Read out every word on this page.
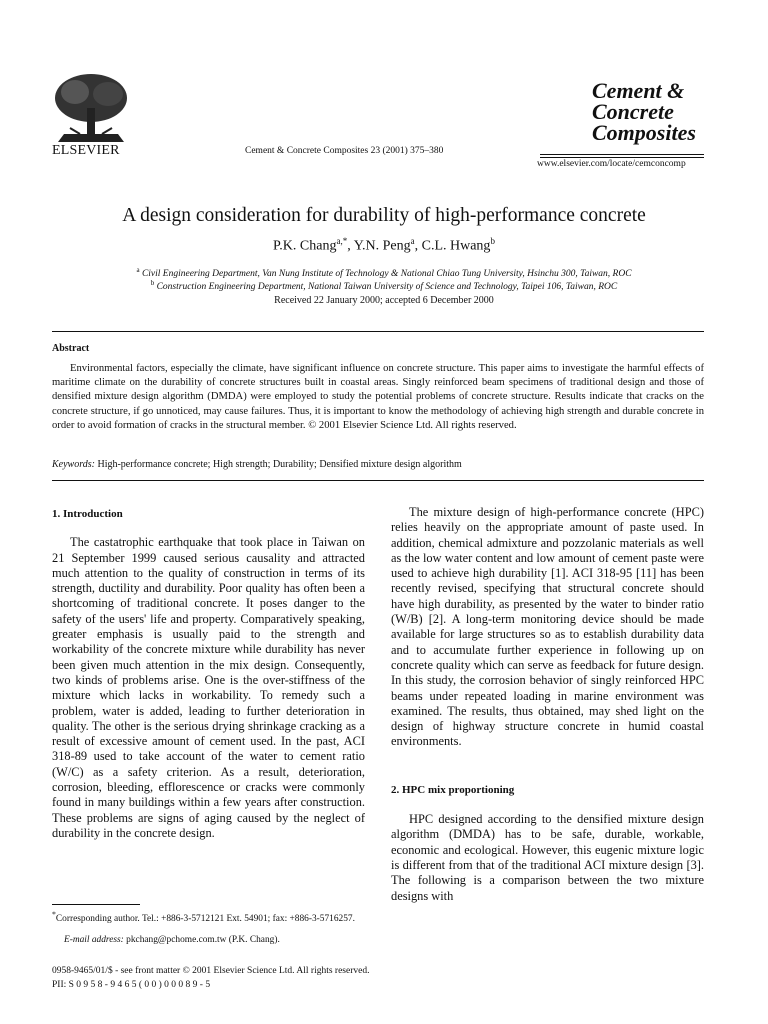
ELSEVIER	Cement & Concrete Composites 23 (2001) 375–380
Cement &
Concrete
Composites
www.elsevier.com/locate/cemconcomp
A design consideration for durability of high-performance concrete
P.K. Chang$^{a,*}$, Y.N. Peng$^a$, C.L. Hwang$^b$
$^a$ Civil Engineering Department, Van Nung Institute of Technology & National Chiao Tung University, Hsinchu 300, Taiwan, ROC
$^b$ Construction Engineering Department, National Taiwan University of Science and Technology, Taipei 106, Taiwan, ROC
Received 22 January 2000; accepted 6 December 2000
Abstract
Environmental factors, especially the climate, have significant influence on concrete structure. This paper aims to investigate the harmful effects of maritime climate on the durability of concrete structures built in coastal areas. Singly reinforced beam specimens of traditional design and those of densified mixture design algorithm (DMDA) were employed to study the potential problems of concrete structure. Results indicate that cracks on the concrete structure, if go unnoticed, may cause failures. Thus, it is important to know the methodology of achieving high strength and durable concrete in order to avoid formation of cracks in the structural member. © 2001 Elsevier Science Ltd. All rights reserved.
Keywords: High-performance concrete; High strength; Durability; Densified mixture design algorithm
1. Introduction

The castatrophic earthquake that took place in Taiwan on 21 September 1999 caused serious causality and attracted much attention to the quality of construction in terms of its strength, ductility and durability. Poor quality has often been a shortcoming of traditional concrete. It poses danger to the safety of the users' life and property. Comparatively speaking, greater emphasis is usually paid to the strength and workability of the concrete mixture while durability has never been given much attention in the mix design. Consequently, two kinds of problems arise. One is the over-stiffness of the mixture which lacks in workability. To remedy such a problem, water is added, leading to further deterioration in quality. The other is the serious drying shrinkage cracking as a result of excessive amount of cement used. In the past, ACI 318-89 used to take account of the water to cement ratio (W/C) as a safety criterion. As a result, deterioration, corrosion, bleeding, efflorescence or cracks were commonly found in many buildings within a few years after construction. These problems are signs of aging caused by the neglect of durability in the concrete design.

*Corresponding author. Tel.: +886-3-5712121 Ext. 54901; fax: +886-3-5716257.
E-mail address: pkchang@pchome.com.tw (P.K. Chang).

The mixture design of high-performance concrete (HPC) relies heavily on the appropriate amount of paste used. In addition, chemical admixture and pozzolanic materials as well as the low water content and low amount of cement paste were used to achieve high durability [1]. ACI 318-95 [11] has been recently revised, specifying that structural concrete should have high durability, as presented by the water to binder ratio (W/B) [2]. A long-term monitoring device should be made available for large structures so as to establish durability data and to accumulate further experience in following up on concrete quality which can serve as feedback for future design. In this study, the corrosion behavior of singly reinforced HPC beams under repeated loading in marine environment was examined. The results, thus obtained, may shed light on the design of highway structure concrete in humid coastal environments.

2. HPC mix proportioning

HPC designed according to the densified mixture design algorithm (DMDA) has to be safe, durable, workable, economic and ecological. However, this eugenic mixture logic is different from that of the traditional ACI mixture design [3]. The following is a comparison between the two mixture designs with

0958-9465/01/$ - see front matter © 2001 Elsevier Science Ltd. All rights reserved.
PII: S 0 9 5 8 - 9 4 6 5 ( 0 0 ) 0 0 0 8 9 - 5
